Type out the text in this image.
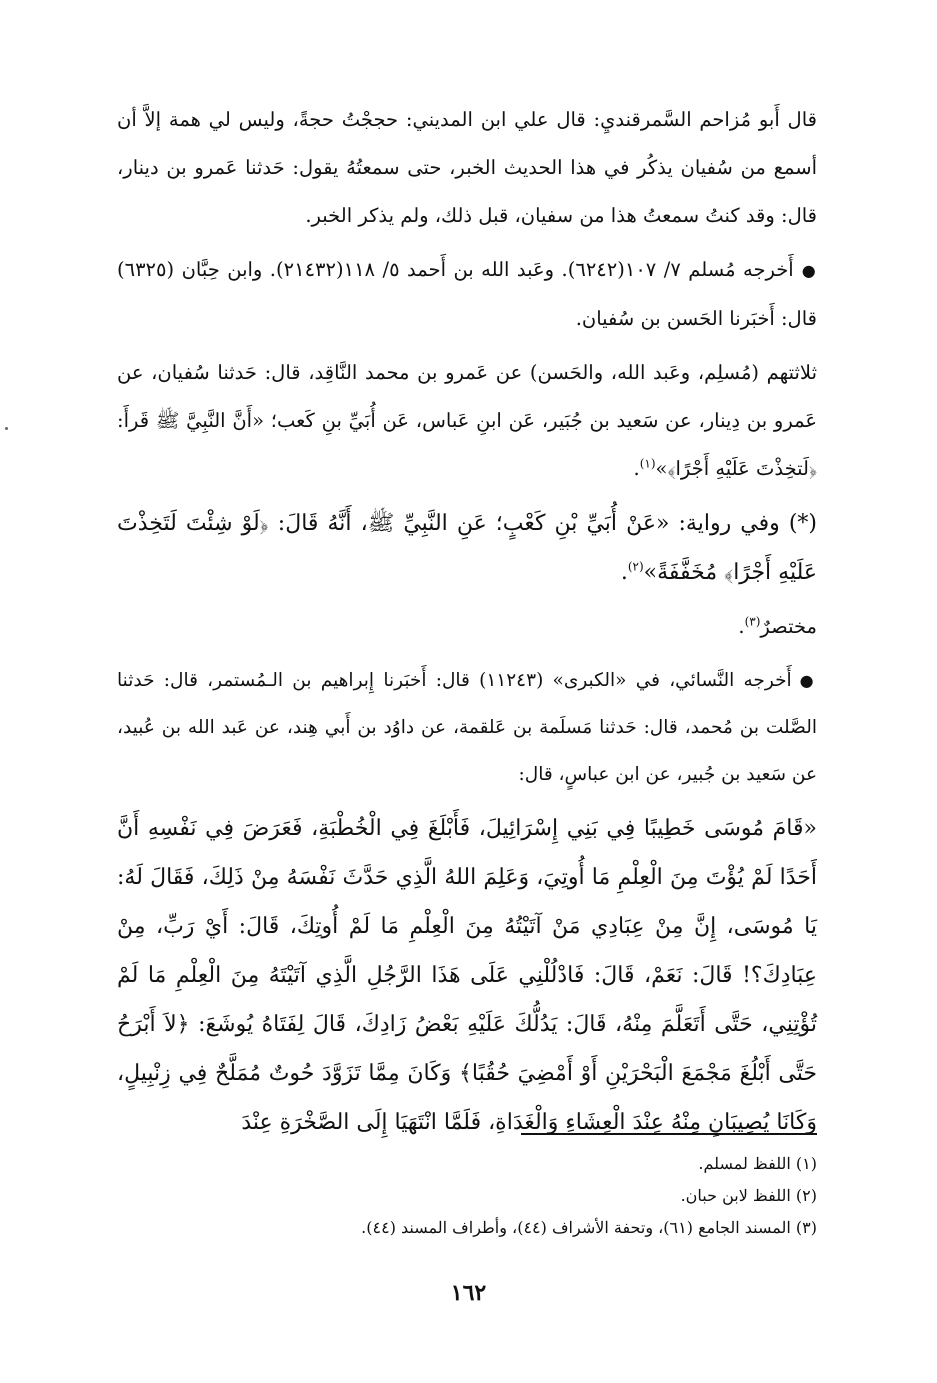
قال أَبو مُزاحم السَّمرقنديِ: قال علي ابن المديني: حججْتُ حجةً، وليس لي همة إلاَّ أن أسمع من سُفيان يذكُر في هذا الحديث الخبر، حتى سمعتُهُ يقول: حَدثنا عَمرو بن دينار، قال: وقد كنتُ سمعتُ هذا من سفيان، قبل ذلك، ولم يذكر الخبر.

●أَخرجه مُسلم ٧/ ١٠٧(٦٢٤٢). وعَبد الله بن أَحمد ٥/ ١١٨(٢١٤٣٢). وابن حِبَّان (٦٣٢٥) قال: أَخبَرنا الحَسن بن سُفيان.

ثلاثتهم (مُسلِم، وعَبد الله، والحَسن) عن عَمرو بن محمد النَّاقِد، قال: حَدثنا سُفيان، عن عَمرو بن دِينار، عن سَعيد بن جُبَير، عَن ابنِ عَباس، عَن أُبَيِّ بنِ كَعب؛ «أَنَّ النَّبِيَّ ﷺ قَرأَ: ﴿لَتخِذْتَ عَلَيْهِ أَجْرًا﴾»$^{(١)}$.

(*) وفي رواية: «عَنْ أُبَيِّ بْنِ كَعْبٍ؛ عَنِ النَّبِيِّ ﷺ، أَنَّهُ قَالَ: ﴿لَوْ شِئْتَ لَتَخِذْتَ عَلَيْهِ أَجْرًا﴾ مُخَفَّفَةً»$^{(٢)}$.

مختصرٌ$^{(٣)}$.

●أَخرجه النَّسائي، في «الكبرى» (١١٢٤٣) قال: أَخبَرنا إِبراهيم بن الـمُستمر، قال: حَدثنا الصَّلت بن مُحمد، قال: حَدثنا مَسلَمة بن عَلقمة، عن داوُد بن أَبي هِند، عن عَبد الله بن عُبيد، عن سَعيد بن جُبير، عن ابن عباسٍ، قال:

«قَامَ مُوسَى خَطِيبًا فِي بَنِي إِسْرَائِيلَ، فَأَبْلَغَ فِي الْخُطْبَةِ، فَعَرَضَ فِي نَفْسِهِ أَنَّ أَحَدًا لَمْ يُؤْتَ مِنَ الْعِلْمِ مَا أُوتِيَ، وَعَلِمَ اللهُ الَّذِي حَدَّثَ نَفْسَهُ مِنْ ذَلِكَ، فَقَالَ لَهُ: يَا مُوسَى، إِنَّ مِنْ عِبَادِي مَنْ آتَيْتُهُ مِنَ الْعِلْمِ مَا لَمْ أُوتِكَ، قَالَ: أَيْ رَبِّ، مِنْ عِبَادِكَ؟! قَالَ: نَعَمْ، قَالَ: فَادْلُلْنِي عَلَى هَذَا الرَّجُلِ الَّذِي آتَيْتَهُ مِنَ الْعِلْمِ مَا لَمْ تُؤْتِنِي، حَتَّى أَتَعَلَّمَ مِنْهُ، قَالَ: يَدُلُّكَ عَلَيْهِ بَعْضُ زَادِكَ، قَالَ لِفَتَاهُ يُوشَعَ: ﴿لاَ أَبْرَحُ حَتَّى أَبْلُغَ مَجْمَعَ الْبَحْرَيْنِ أَوْ أَمْضِيَ حُقُبًا﴾ وَكَانَ مِمَّا تَزَوَّدَ حُوتٌ مُمَلَّحٌ فِي زِنْبِيلٍ، وَكَانَا يُصِيبَانِ مِنْهُ عِنْدَ الْعِشَاءِ وَالْغَدَاةِ، فَلَمَّا انْتَهَيَا إِلَى الصَّخْرَةِ عِنْدَ

(١) اللفظ لمسلم.

(٢) اللفظ لابن حبان.

(٣) المسند الجامع (٦١)، وتحفة الأشراف (٤٤)، وأطراف المسند (٤٤).

١٦٢
